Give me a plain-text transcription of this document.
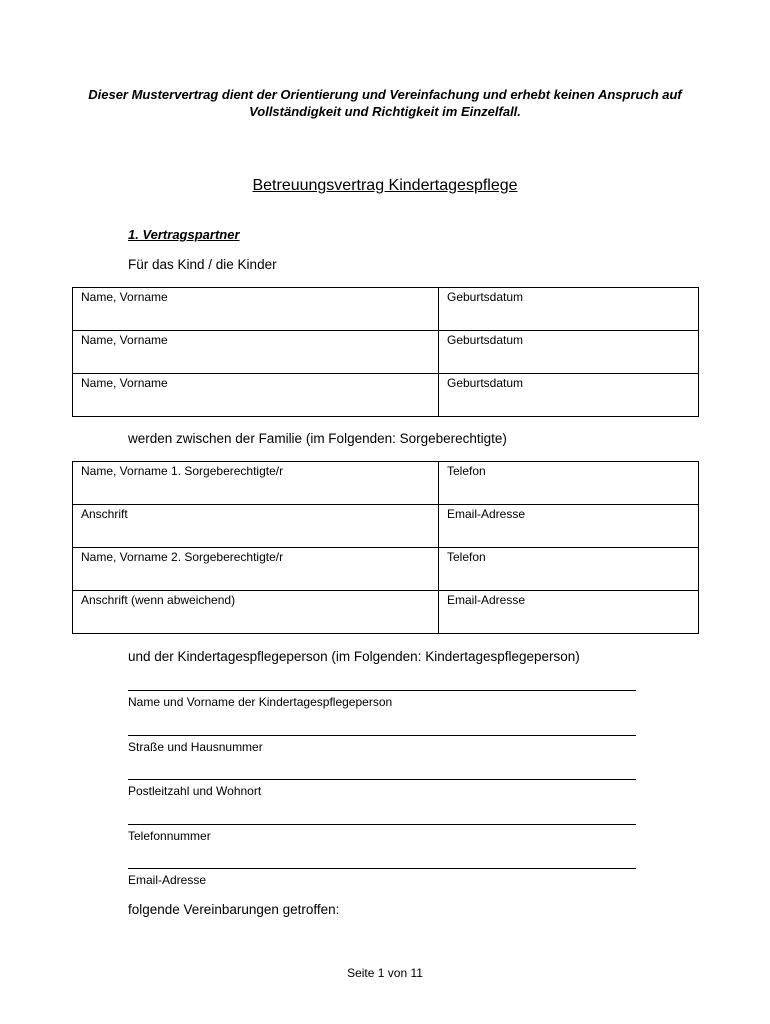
Dieser Mustervertrag dient der Orientierung und Vereinfachung und erhebt keinen Anspruch auf
Vollständigkeit und Richtigkeit im Einzelfall.
Betreuungsvertrag Kindertagespflege
1. Vertragspartner
Für das Kind / die Kinder
Name, Vorname	Geburtsdatum
Name, Vorname	Geburtsdatum
Name, Vorname	Geburtsdatum
werden zwischen der Familie (im Folgenden: Sorgeberechtigte)
Name, Vorname 1. Sorgeberechtigte/r	Telefon
Anschrift	Email-Adresse
Name, Vorname 2. Sorgeberechtigte/r	Telefon
Anschrift (wenn abweichend)	Email-Adresse
und der Kindertagespflegeperson (im Folgenden: Kindertagespflegeperson)
Name und Vorname der Kindertagespflegeperson
Straße und Hausnummer
Postleitzahl und Wohnort
Telefonnummer
Email-Adresse
folgende Vereinbarungen getroffen:
Seite 1 von 11
